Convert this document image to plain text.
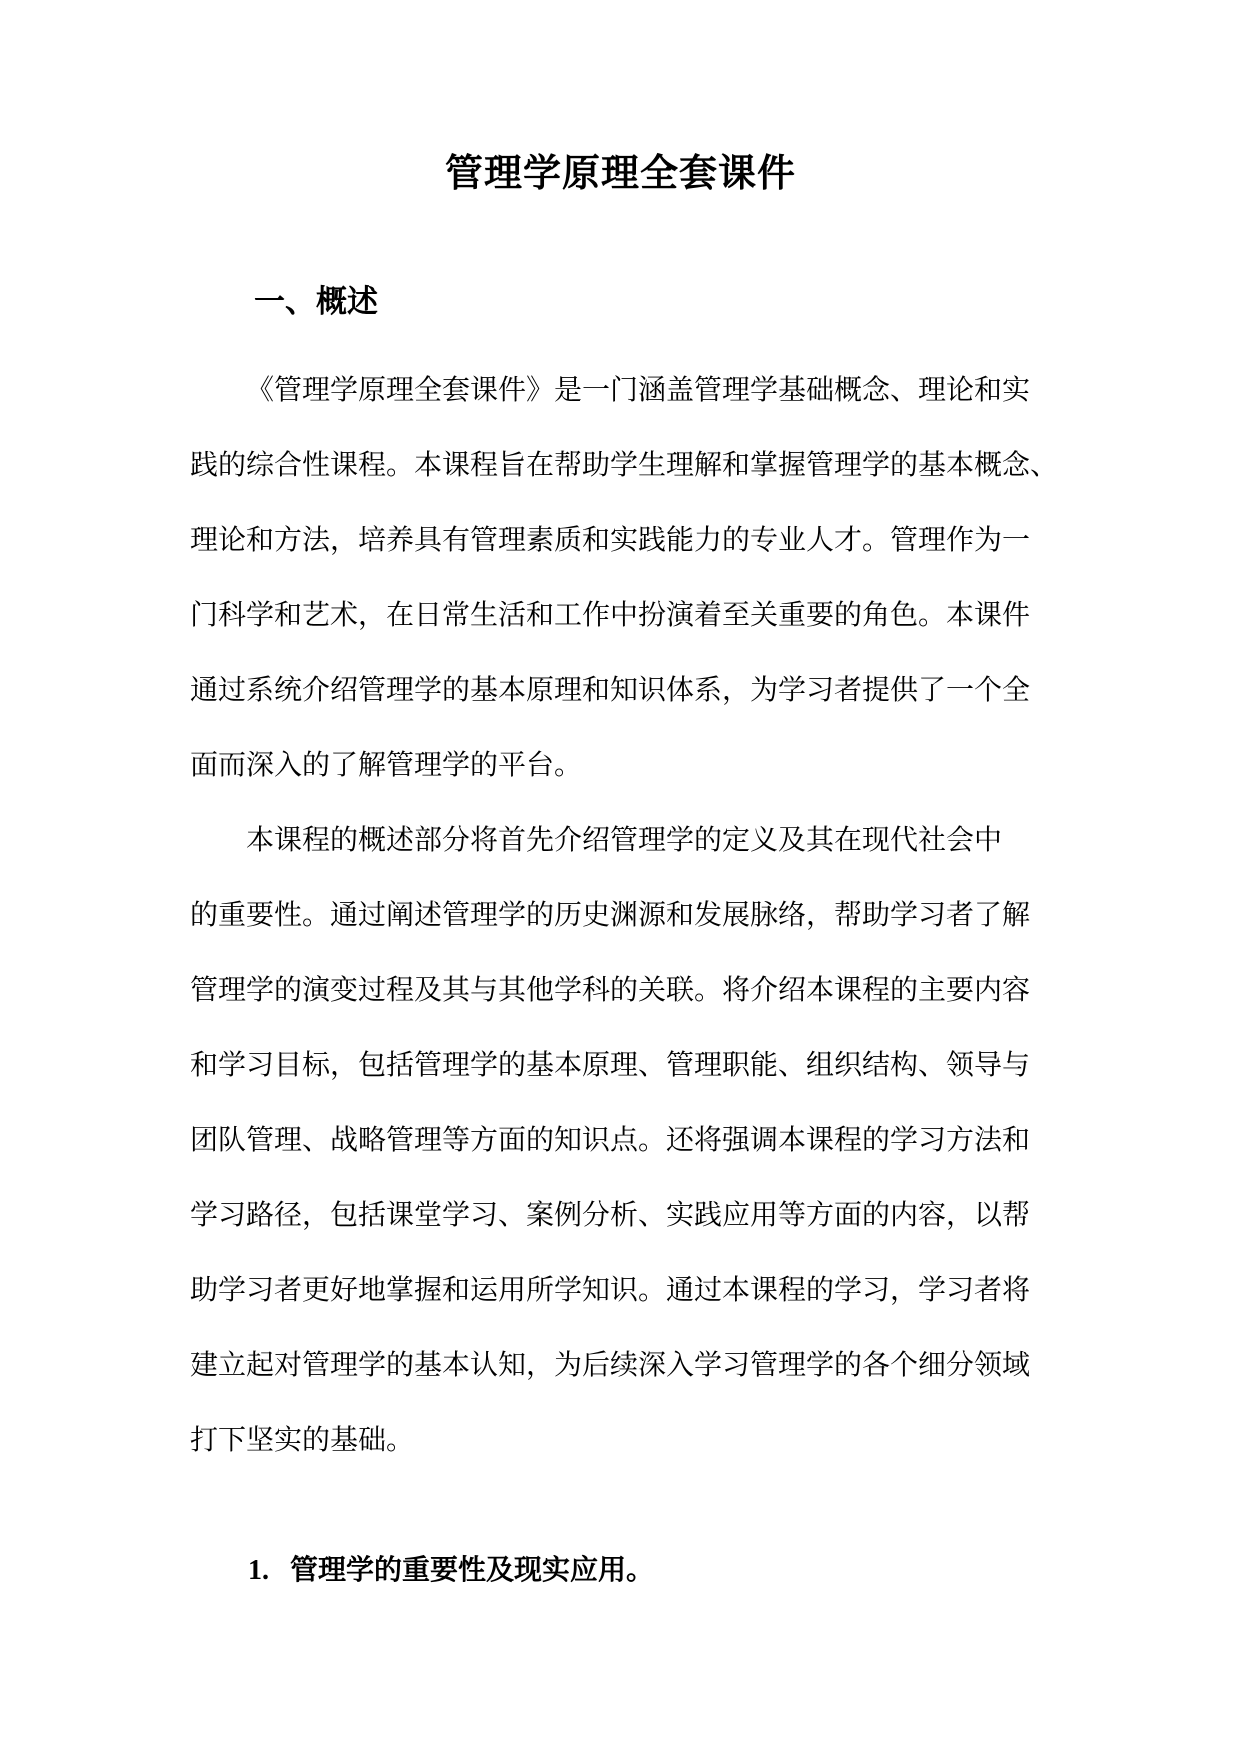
管理学原理全套课件
一、概述
《管理学原理全套课件》是一门涵盖管理学基础概念、理论和实
践的综合性课程。本课程旨在帮助学生理解和掌握管理学的基本概念、
理论和方法，培养具有管理素质和实践能力的专业人才。管理作为一
门科学和艺术，在日常生活和工作中扮演着至关重要的角色。本课件
通过系统介绍管理学的基本原理和知识体系，为学习者提供了一个全
面而深入的了解管理学的平台。
本课程的概述部分将首先介绍管理学的定义及其在现代社会中
的重要性。通过阐述管理学的历史渊源和发展脉络，帮助学习者了解
管理学的演变过程及其与其他学科的关联。将介绍本课程的主要内容
和学习目标，包括管理学的基本原理、管理职能、组织结构、领导与
团队管理、战略管理等方面的知识点。还将强调本课程的学习方法和
学习路径，包括课堂学习、案例分析、实践应用等方面的内容，以帮
助学习者更好地掌握和运用所学知识。通过本课程的学习，学习者将
建立起对管理学的基本认知，为后续深入学习管理学的各个细分领域
打下坚实的基础。
1. 管理学的重要性及现实应用。
